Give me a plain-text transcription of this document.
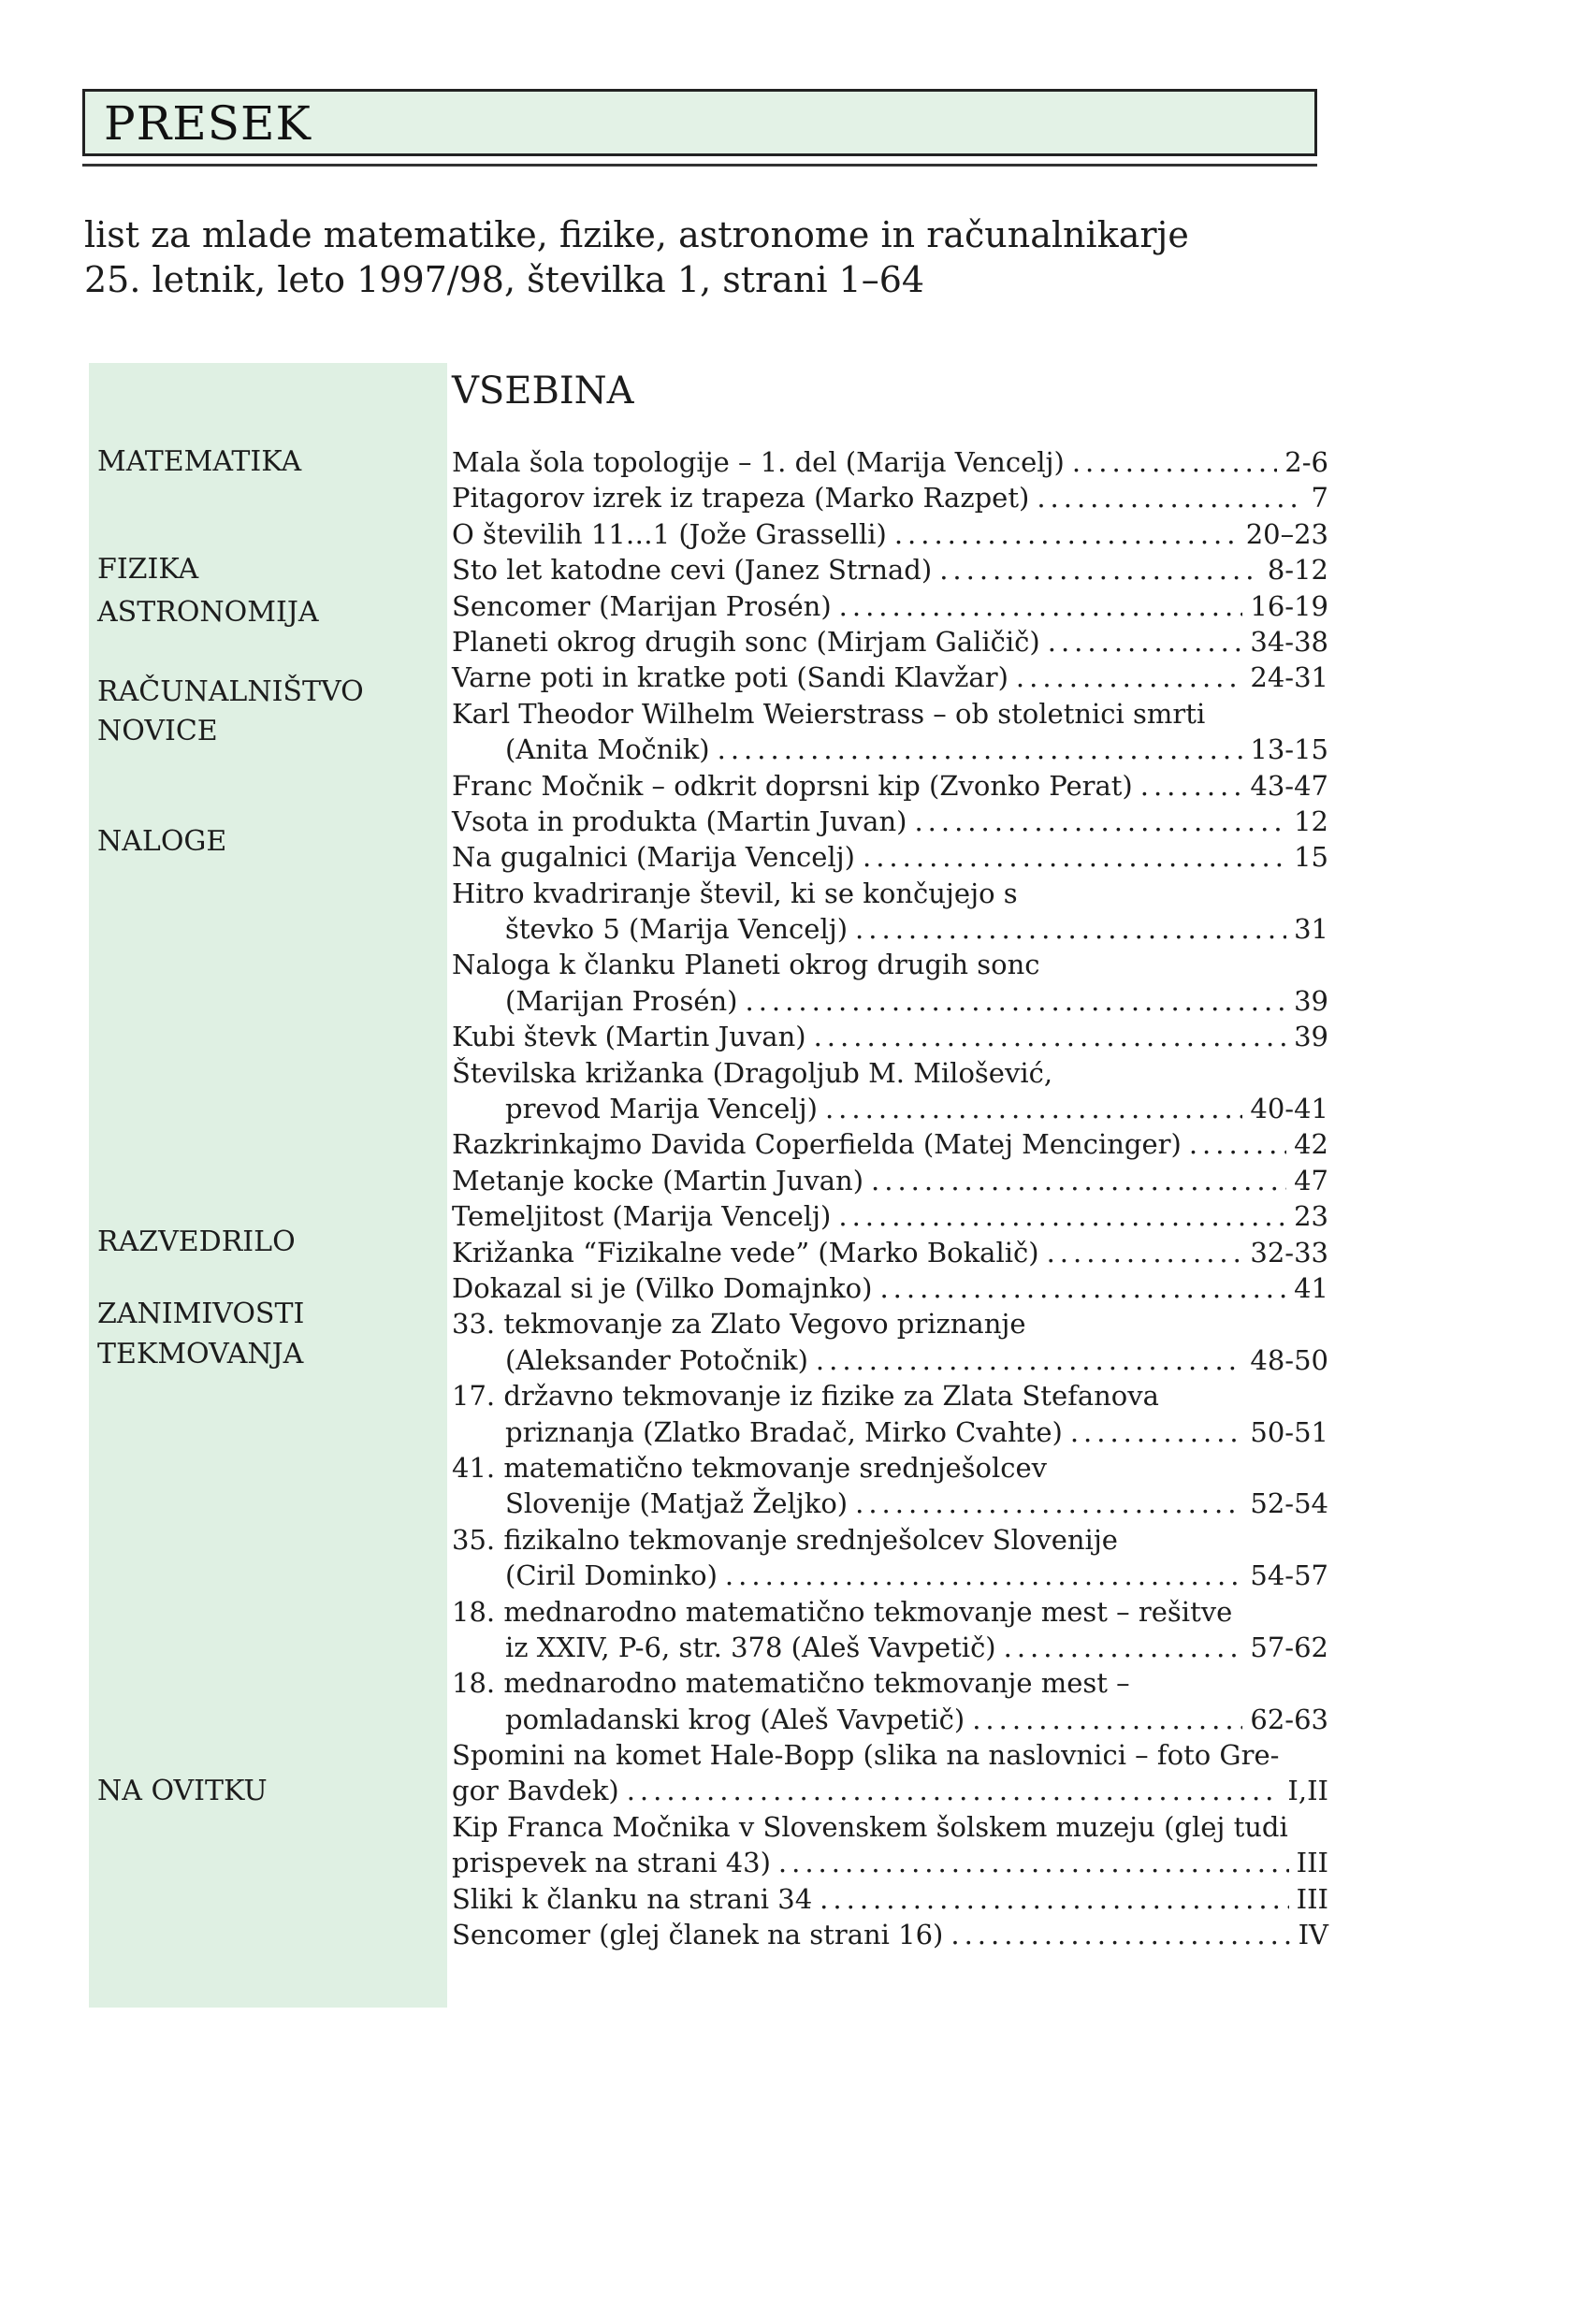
PRESEK
list za mlade matematike, fizike, astronome in računalnikarje
25. letnik, leto 1997/98, številka 1, strani 1–64
VSEBINA
MATEMATIKA
FIZIKA
ASTRONOMIJA
RAČUNALNIŠTVO
NOVICE
NALOGE
RAZVEDRILO
ZANIMIVOSTI
TEKMOVANJA
NA OVITKU
Mala šola topologije – 1. del (Marija Vencelj) .....	2-6
Pitagorov izrek iz trapeza (Marko Razpet) .....	7
O številih 11…1 (Jože Grasselli) .....	20–23
Sto let katodne cevi (Janez Strnad) .....	8-12
Sencomer (Marijan Prosén) .....	16-19
Planeti okrog drugih sonc (Mirjam Galičič) .....	34-38
Varne poti in kratke poti (Sandi Klavžar) .....	24-31
Karl Theodor Wilhelm Weierstrass – ob stoletnici smrti
(Anita Močnik) .....	13-15
Franc Močnik – odkrit doprsni kip (Zvonko Perat) .....	43-47
Vsota in produkta (Martin Juvan) .....	12
Na gugalnici (Marija Vencelj) .....	15
Hitro kvadriranje števil, ki se končujejo s
števko 5 (Marija Vencelj) .....	31
Naloga k članku Planeti okrog drugih sonc
(Marijan Prosén) .....	39
Kubi števk (Martin Juvan) .....	39
Številska križanka (Dragoljub M. Milošević,
prevod Marija Vencelj) .....	40-41
Razkrinkajmo Davida Coperfielda (Matej Mencinger) .....	42
Metanje kocke (Martin Juvan) .....	47
Temeljitost (Marija Vencelj) .....	23
Križanka “Fizikalne vede” (Marko Bokalič) .....	32-33
Dokazal si je (Vilko Domajnko) .....	41
33. tekmovanje za Zlato Vegovo priznanje
(Aleksander Potočnik) .....	48-50
17. državno tekmovanje iz fizike za Zlata Stefanova
priznanja (Zlatko Bradač, Mirko Cvahte) .....	50-51
41. matematično tekmovanje srednješolcev
Slovenije (Matjaž Željko) .....	52-54
35. fizikalno tekmovanje srednješolcev Slovenije
(Ciril Dominko) .....	54-57
18. mednarodno matematično tekmovanje mest – rešitve
iz XXIV, P-6, str. 378 (Aleš Vavpetič) .....	57-62
18. mednarodno matematično tekmovanje mest –
pomladanski krog (Aleš Vavpetič) .....	62-63
Spomini na komet Hale-Bopp (slika na naslovnici – foto Gre-
gor Bavdek) .....	I,II
Kip Franca Močnika v Slovenskem šolskem muzeju (glej tudi
prispevek na strani 43) .....	III
Sliki k članku na strani 34 .....	III
Sencomer (glej članek na strani 16) .....	IV
